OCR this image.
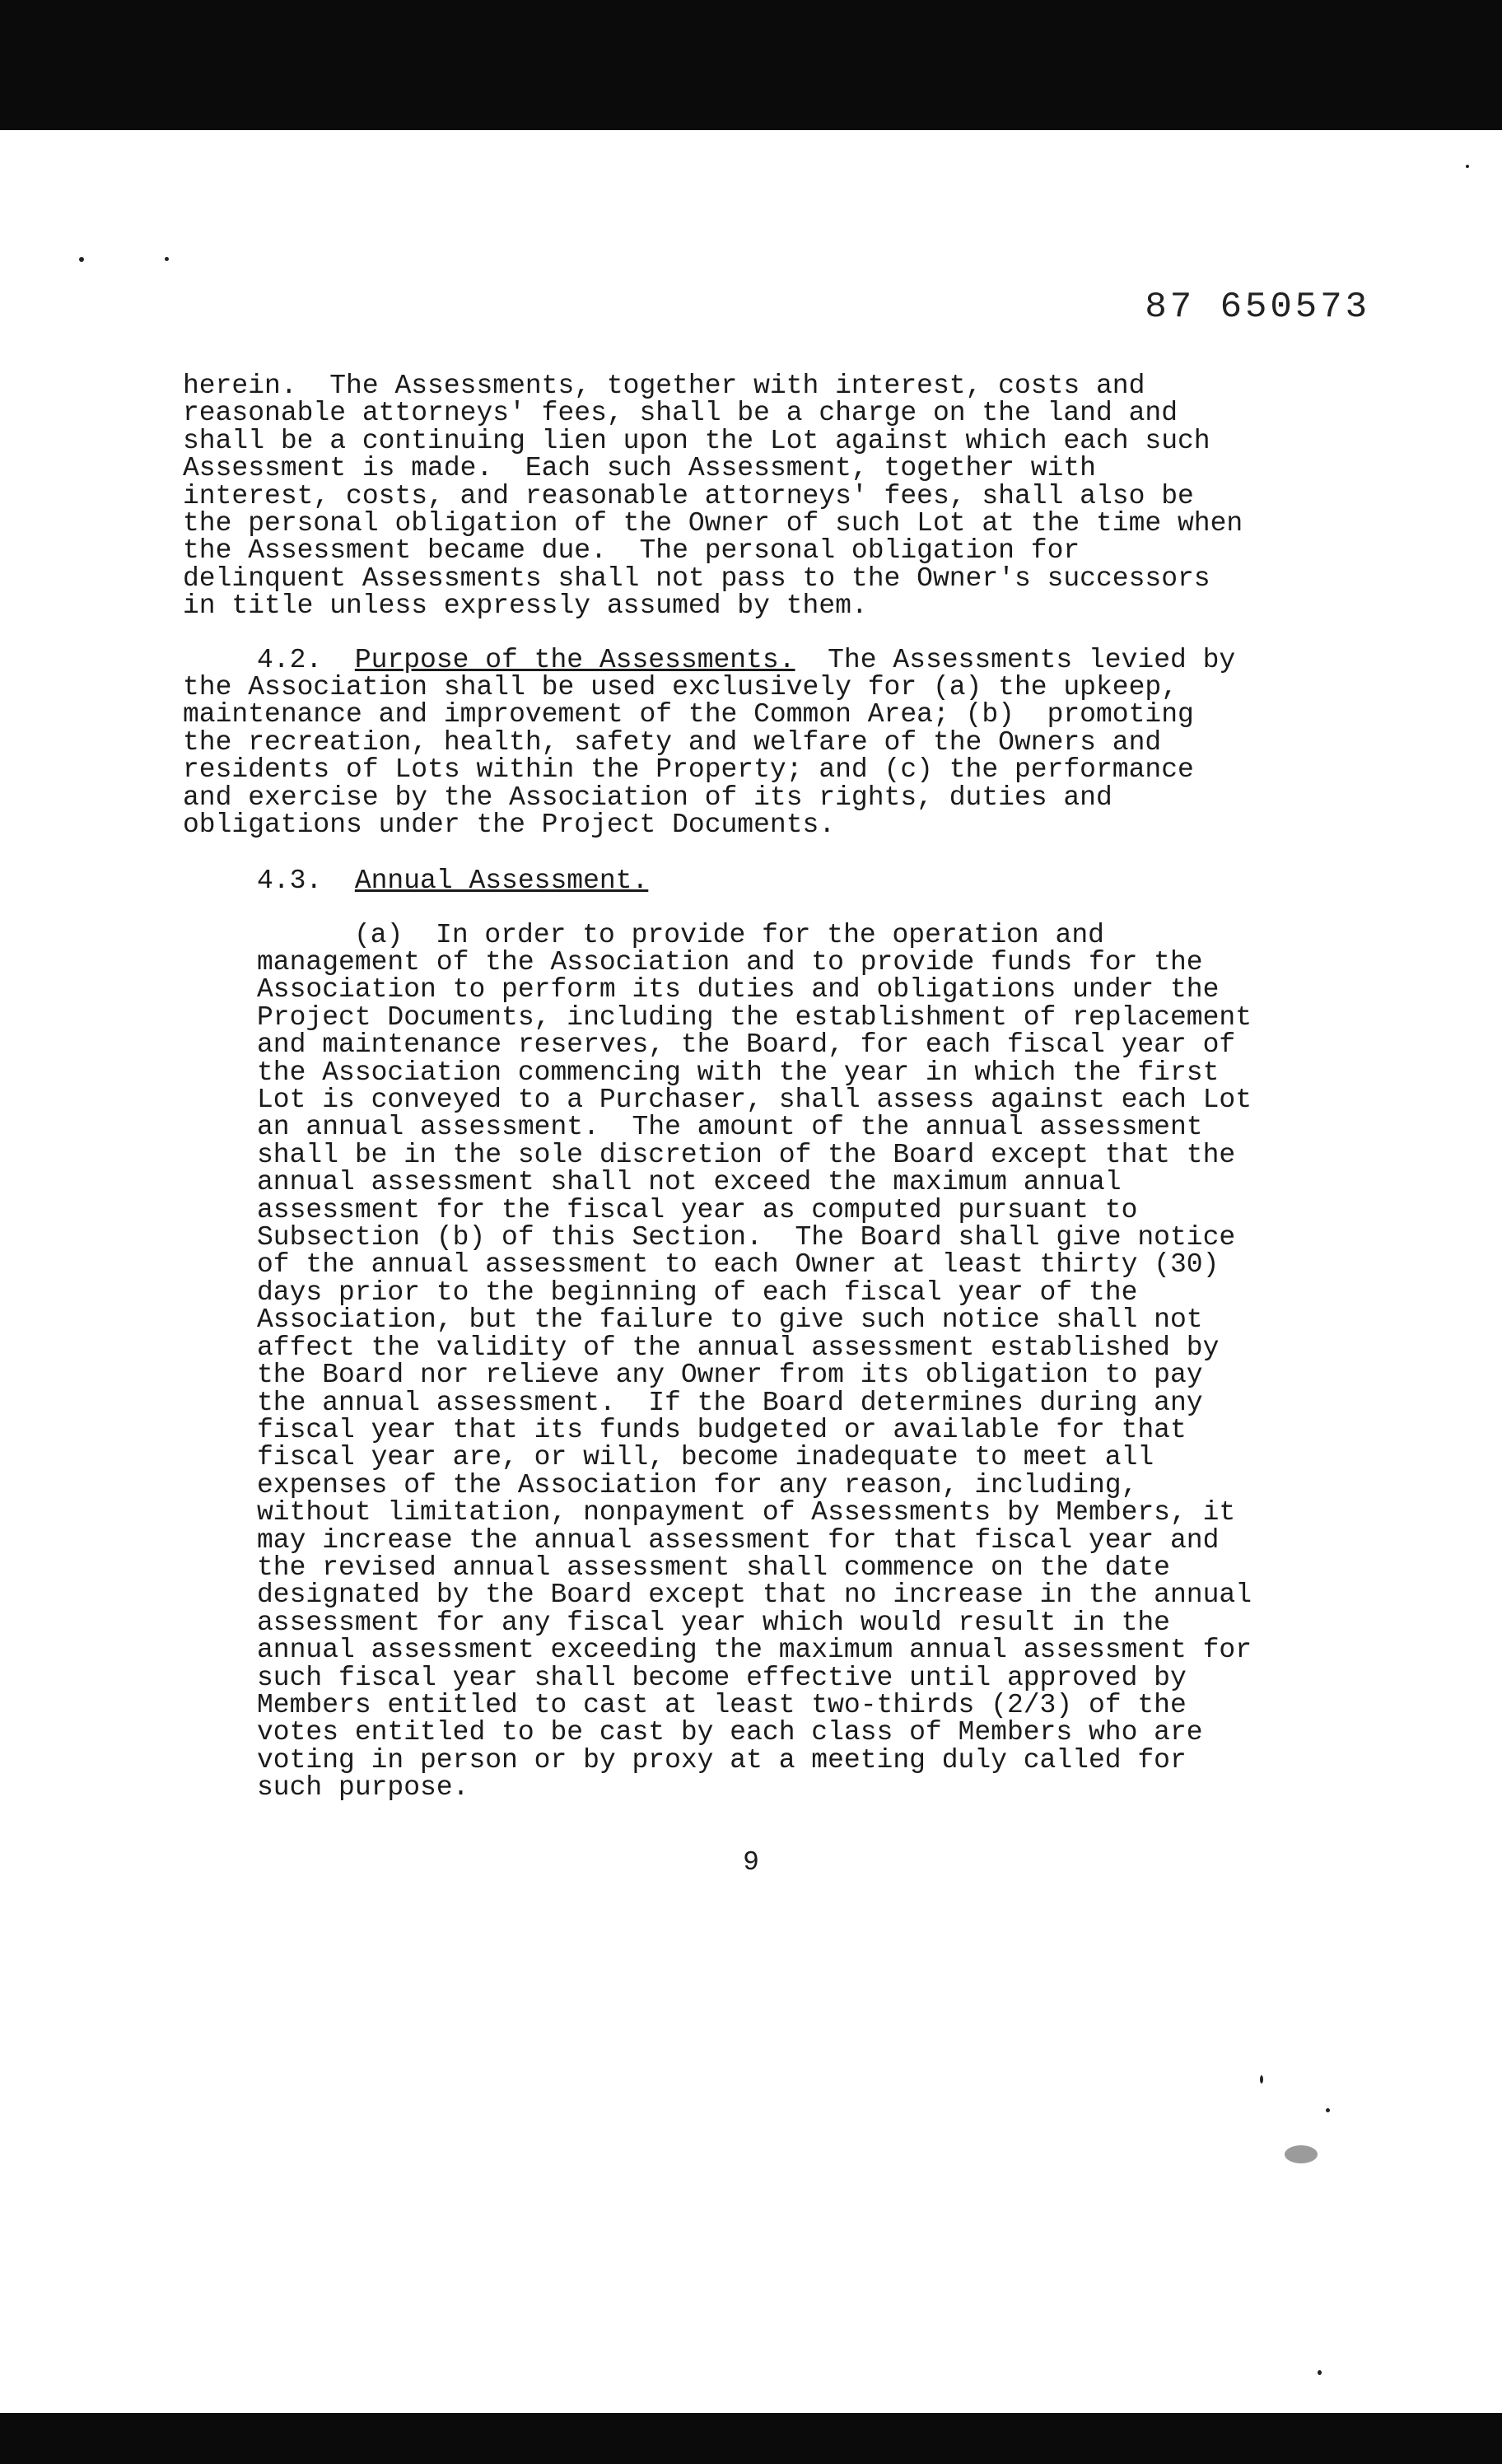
87 650573

herein.  The Assessments, together with interest, costs and
reasonable attorneys' fees, shall be a charge on the land and
shall be a continuing lien upon the Lot against which each such
Assessment is made.  Each such Assessment, together with
interest, costs, and reasonable attorneys' fees, shall also be
the personal obligation of the Owner of such Lot at the time when
the Assessment became due.  The personal obligation for
delinquent Assessments shall not pass to the Owner's successors
in title unless expressly assumed by them.

4.2. Purpose of the Assessments. The Assessments levied by

the Association shall be used exclusively for (a) the upkeep,
maintenance and improvement of the Common Area; (b)  promoting
the recreation, health, safety and welfare of the Owners and
residents of Lots within the Property; and (c) the performance
and exercise by the Association of its rights, duties and
obligations under the Project Documents.

4.3. Annual Assessment.

(a)  In order to provide for the operation and

management of the Association and to provide funds for the
Association to perform its duties and obligations under the
Project Documents, including the establishment of replacement
and maintenance reserves, the Board, for each fiscal year of
the Association commencing with the year in which the first
Lot is conveyed to a Purchaser, shall assess against each Lot
an annual assessment.  The amount of the annual assessment
shall be in the sole discretion of the Board except that the
annual assessment shall not exceed the maximum annual
assessment for the fiscal year as computed pursuant to
Subsection (b) of this Section.  The Board shall give notice
of the annual assessment to each Owner at least thirty (30)
days prior to the beginning of each fiscal year of the
Association, but the failure to give such notice shall not
affect the validity of the annual assessment established by
the Board nor relieve any Owner from its obligation to pay
the annual assessment.  If the Board determines during any
fiscal year that its funds budgeted or available for that
fiscal year are, or will, become inadequate to meet all
expenses of the Association for any reason, including,
without limitation, nonpayment of Assessments by Members, it
may increase the annual assessment for that fiscal year and
the revised annual assessment shall commence on the date
designated by the Board except that no increase in the annual
assessment for any fiscal year which would result in the
annual assessment exceeding the maximum annual assessment for
such fiscal year shall become effective until approved by
Members entitled to cast at least two-thirds (2/3) of the
votes entitled to be cast by each class of Members who are
voting in person or by proxy at a meeting duly called for
such purpose.

9
